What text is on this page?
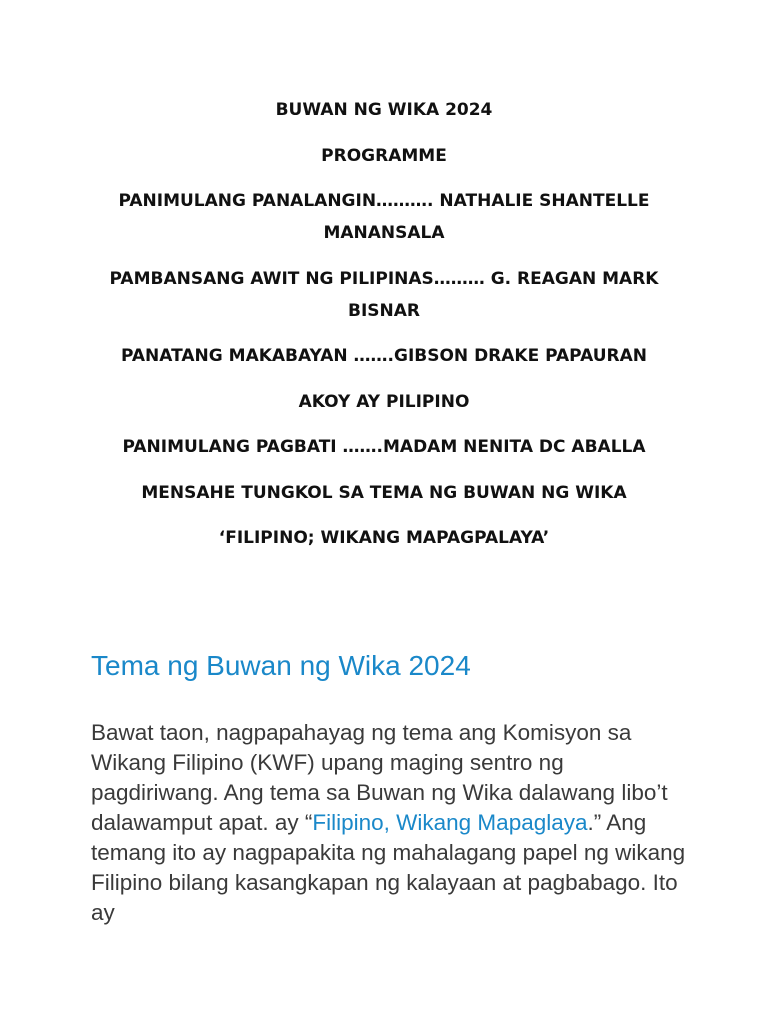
BUWAN NG WIKA 2024

PROGRAMME

PANIMULANG PANALANGIN………. NATHALIE SHANTELLE MANANSALA

PAMBANSANG AWIT NG PILIPINAS……… G. REAGAN MARK BISNAR

PANATANG MAKABAYAN …….GIBSON DRAKE PAPAURAN

AKOY AY PILIPINO

PANIMULANG PAGBATI …….MADAM NENITA DC ABALLA

MENSAHE TUNGKOL SA TEMA NG BUWAN NG WIKA

‘FILIPINO; WIKANG MAPAGPALAYA’

Tema ng Buwan ng Wika 2024

Bawat taon, nagpapahayag ng tema ang Komisyon sa Wikang Filipino (KWF) upang maging sentro ng pagdiriwang. Ang tema sa Buwan ng Wika dalawang libo’t dalawamput apat. ay “Filipino, Wikang Mapaglaya.” Ang temang ito ay nagpapakita ng mahalagang papel ng wikang Filipino bilang kasangkapan ng kalayaan at pagbabago. Ito ay
